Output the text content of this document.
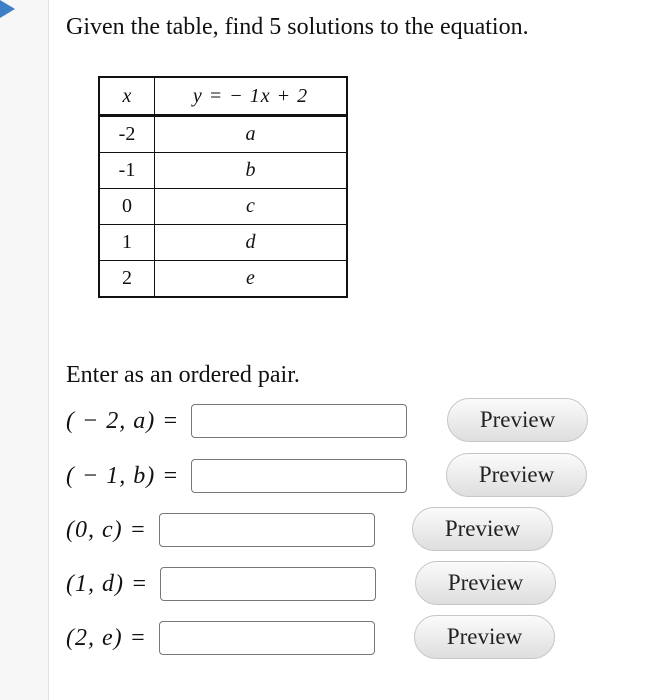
Given the table, find 5 solutions to the equation.

x	y = − 1x + 2
-2	a
-1	b
0	c
1	d
2	e

Enter as an ordered pair.

( − 2, a) =	Preview
( − 1, b) =	Preview
(0, c) =	Preview
(1, d) =	Preview
(2, e) =	Preview
